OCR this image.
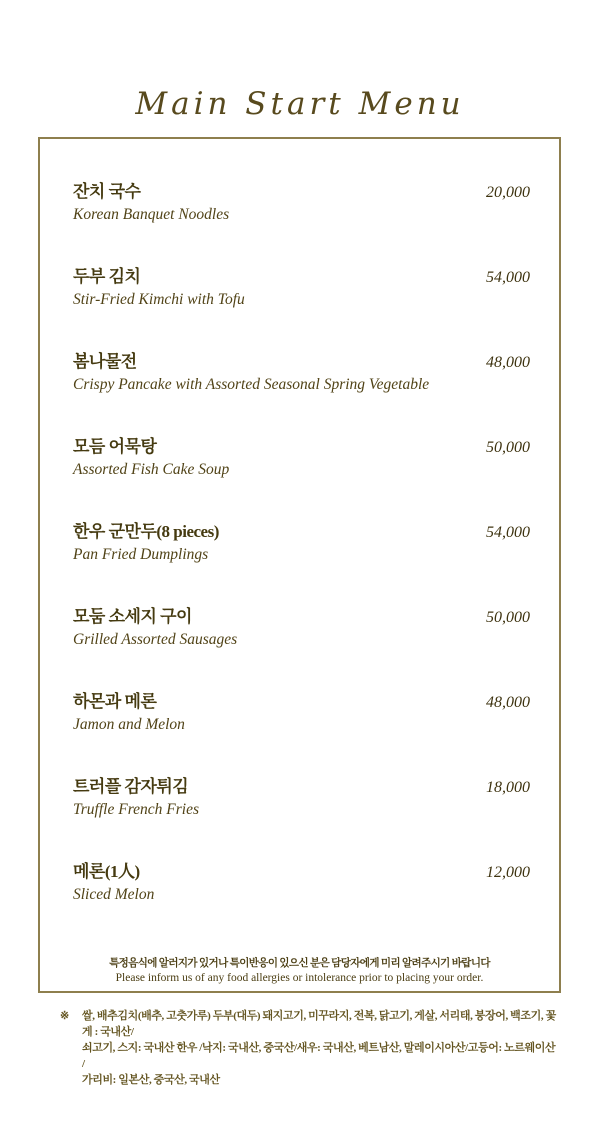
Main Start Menu
잔치 국수	20,000
Korean Banquet Noodles
두부 김치	54,000
Stir-Fried Kimchi with Tofu
봄나물전	48,000
Crispy Pancake with Assorted Seasonal Spring Vegetable
모듬 어묵탕	50,000
Assorted Fish Cake Soup
한우 군만두(8 pieces)	54,000
Pan Fried Dumplings
모둠 소세지 구이	50,000
Grilled Assorted Sausages
하몬과 메론	48,000
Jamon and Melon
트러플 감자튀김	18,000
Truffle French Fries
메론(1人)	12,000
Sliced Melon
특정음식에 알러지가 있거나 특이반응이 있으신 분은 담당자에게 미리 알려주시기 바랍니다
Please inform us of any food allergies or intolerance prior to placing your order.
※	쌀, 배추김치(배추, 고춧가루) 두부(대두) 돼지고기, 미꾸라지, 전복, 닭고기, 게살, 서리태, 붕장어, 백조기, 꽃게 : 국내산/
쇠고기, 스지: 국내산 한우 /낙지: 국내산, 중국산/새우: 국내산, 베트남산, 말레이시아산/고등어: 노르웨이산 /
가리비: 일본산, 중국산, 국내산
